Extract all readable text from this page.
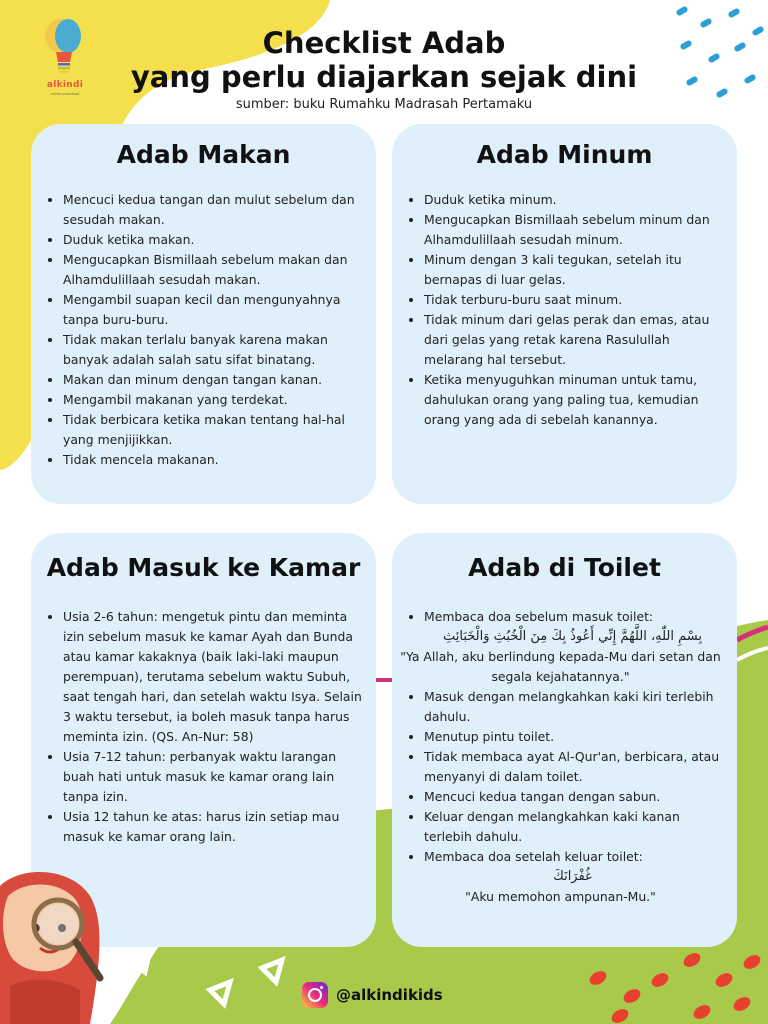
alkindi
online preschool
Checklist Adab
yang perlu diajarkan sejak dini
sumber: buku Rumahku Madrasah Pertamaku
Adab Makan
• Mencuci kedua tangan dan mulut sebelum dan sesudah makan.
• Duduk ketika makan.
• Mengucapkan Bismillaah sebelum makan dan Alhamdulillaah sesudah makan.
• Mengambil suapan kecil dan mengunyahnya tanpa buru-buru.
• Tidak makan terlalu banyak karena makan banyak adalah salah satu sifat binatang.
• Makan dan minum dengan tangan kanan.
• Mengambil makanan yang terdekat.
• Tidak berbicara ketika makan tentang hal-hal yang menjijikkan.
• Tidak mencela makanan.
Adab Minum
• Duduk ketika minum.
• Mengucapkan Bismillaah sebelum minum dan Alhamdulillaah sesudah minum.
• Minum dengan 3 kali tegukan, setelah itu bernapas di luar gelas.
• Tidak terburu-buru saat minum.
• Tidak minum dari gelas perak dan emas, atau dari gelas yang retak karena Rasulullah melarang hal tersebut.
• Ketika menyuguhkan minuman untuk tamu, dahulukan orang yang paling tua, kemudian orang yang ada di sebelah kanannya.
Adab Masuk ke Kamar
• Usia 2-6 tahun: mengetuk pintu dan meminta izin sebelum masuk ke kamar Ayah dan Bunda atau kamar kakaknya (baik laki-laki maupun perempuan), terutama sebelum waktu Subuh, saat tengah hari, dan setelah waktu Isya. Selain 3 waktu tersebut, ia boleh masuk tanpa harus meminta izin. (QS. An-Nur: 58)
• Usia 7-12 tahun: perbanyak waktu larangan buah hati untuk masuk ke kamar orang lain tanpa izin.
• Usia 12 tahun ke atas: harus izin setiap mau masuk ke kamar orang lain.
Adab di Toilet
• Membaca doa sebelum masuk toilet:
بِسْمِ اللّٰهِ، اللَّهُمَّ إِنِّي أَعُوذُ بِكَ مِنَ الْخُبُثِ وَالْخَبَائِثِ
"Ya Allah, aku berlindung kepada-Mu dari setan dan segala kejahatannya."
• Masuk dengan melangkahkan kaki kiri terlebih dahulu.
• Menutup pintu toilet.
• Tidak membaca ayat Al-Qur'an, berbicara, atau menyanyi di dalam toilet.
• Mencuci kedua tangan dengan sabun.
• Keluar dengan melangkahkan kaki kanan terlebih dahulu.
• Membaca doa setelah keluar toilet:
غُفْرَانَكَ
"Aku memohon ampunan-Mu."
@alkindikids
